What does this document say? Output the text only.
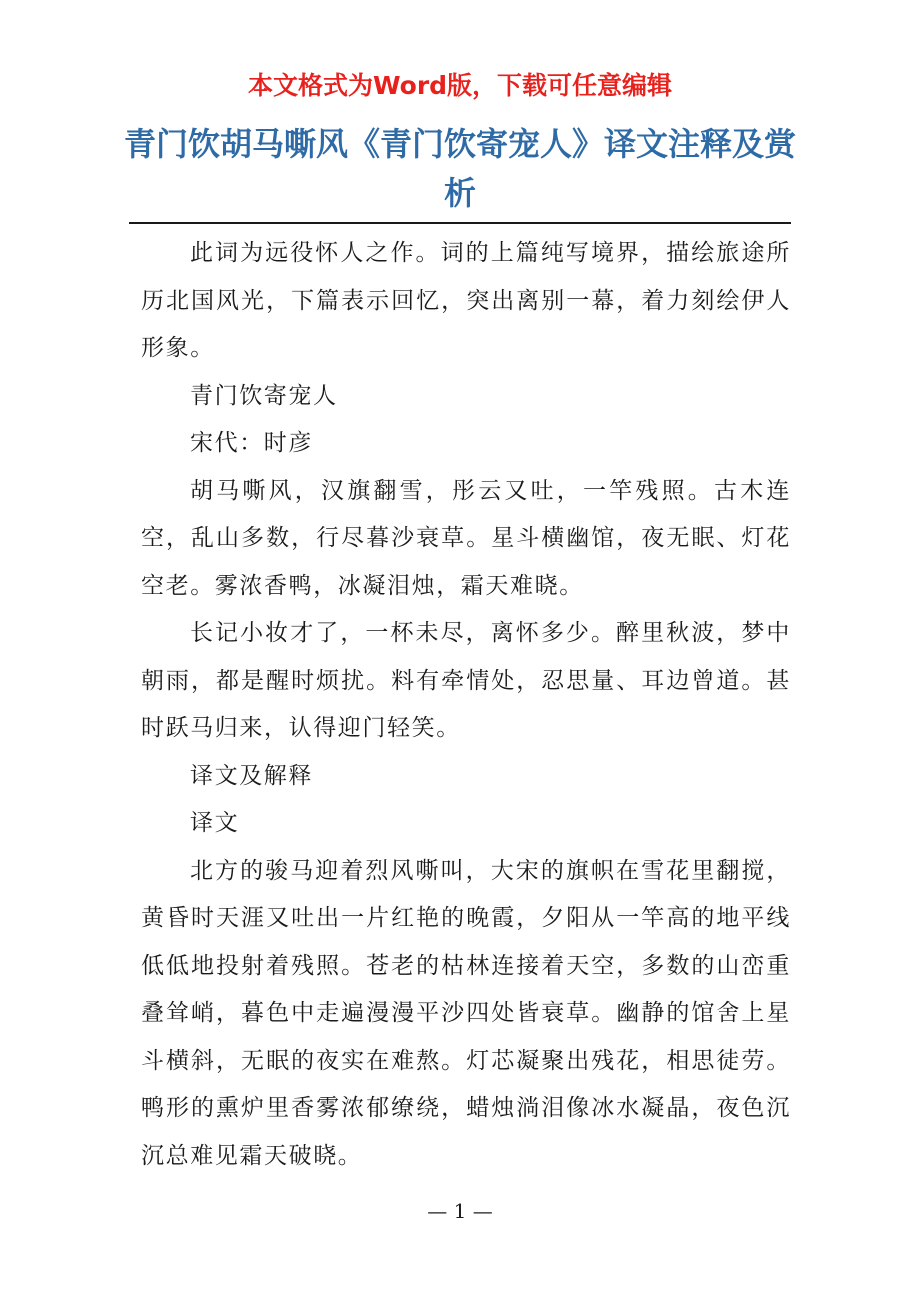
本文格式为Word版，下载可任意编辑
青门饮胡马嘶风《青门饮寄宠人》译文注释及赏析

此词为远役怀人之作。词的上篇纯写境界，描绘旅途所历北国风光，下篇表示回忆，突出离别一幕，着力刻绘伊人形象。

青门饮寄宠人

宋代：时彦

胡马嘶风，汉旗翻雪，彤云又吐，一竿残照。古木连空，乱山多数，行尽暮沙衰草。星斗横幽馆，夜无眠、灯花空老。雾浓香鸭，冰凝泪烛，霜天难晓。

长记小妆才了，一杯未尽，离怀多少。醉里秋波，梦中朝雨，都是醒时烦扰。料有牵情处，忍思量、耳边曾道。甚时跃马归来，认得迎门轻笑。

译文及解释

译文

北方的骏马迎着烈风嘶叫，大宋的旗帜在雪花里翻搅，黄昏时天涯又吐出一片红艳的晚霞，夕阳从一竿高的地平线低低地投射着残照。苍老的枯林连接着天空，多数的山峦重叠耸峭，暮色中走遍漫漫平沙四处皆衰草。幽静的馆舍上星斗横斜，无眠的夜实在难熬。灯芯凝聚出残花，相思徒劳。鸭形的熏炉里香雾浓郁缭绕，蜡烛淌泪像冰水凝晶，夜色沉沉总难见霜天破晓。

— 1 —
